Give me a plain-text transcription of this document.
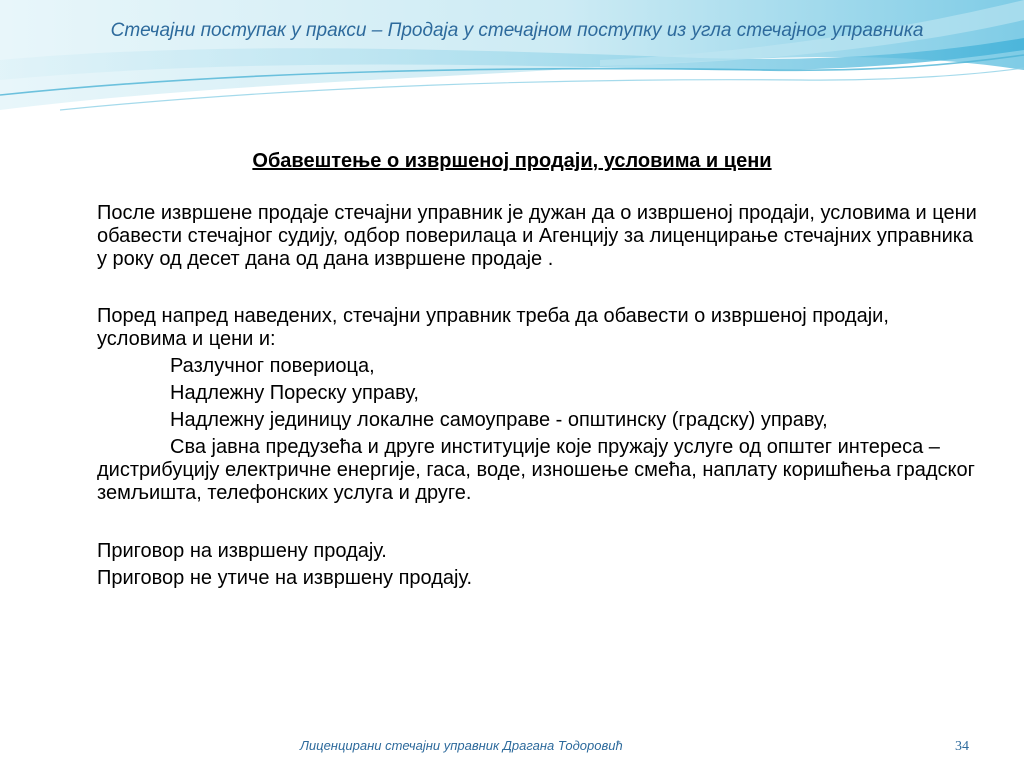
Стечајни поступак у пракси – Продаја у стечајном поступку из угла стечајног управника

Обавештење о извршеној продаји, условима и цени

После извршене продаје стечајни управник је дужан да о извршеној продаји, условима и цени обавести стечајног судију, одбор поверилаца и Агенцију за лиценцирање стечајних управника у року од десет дана од дана извршене продаје .

Поред напред наведених, стечајни управник треба да обавести о извршеној продаји, условима и цени и:

Разлучног повериоца,

Надлежну Пореску управу,

Надлежну јединицу локалне самоуправе - општинску (градску) управу,

Сва јавна предузећа и друге институције које пружају услуге од општег интереса – дистрибуцију електричне енергије, гаса, воде, изношење смећа, наплату коришћења градског земљишта, телефонских услуга и друге.

Приговор на извршену продају.

Приговор не утиче на извршену продају.

Лиценцирани стечајни управник Драгана Тодоровић	34
